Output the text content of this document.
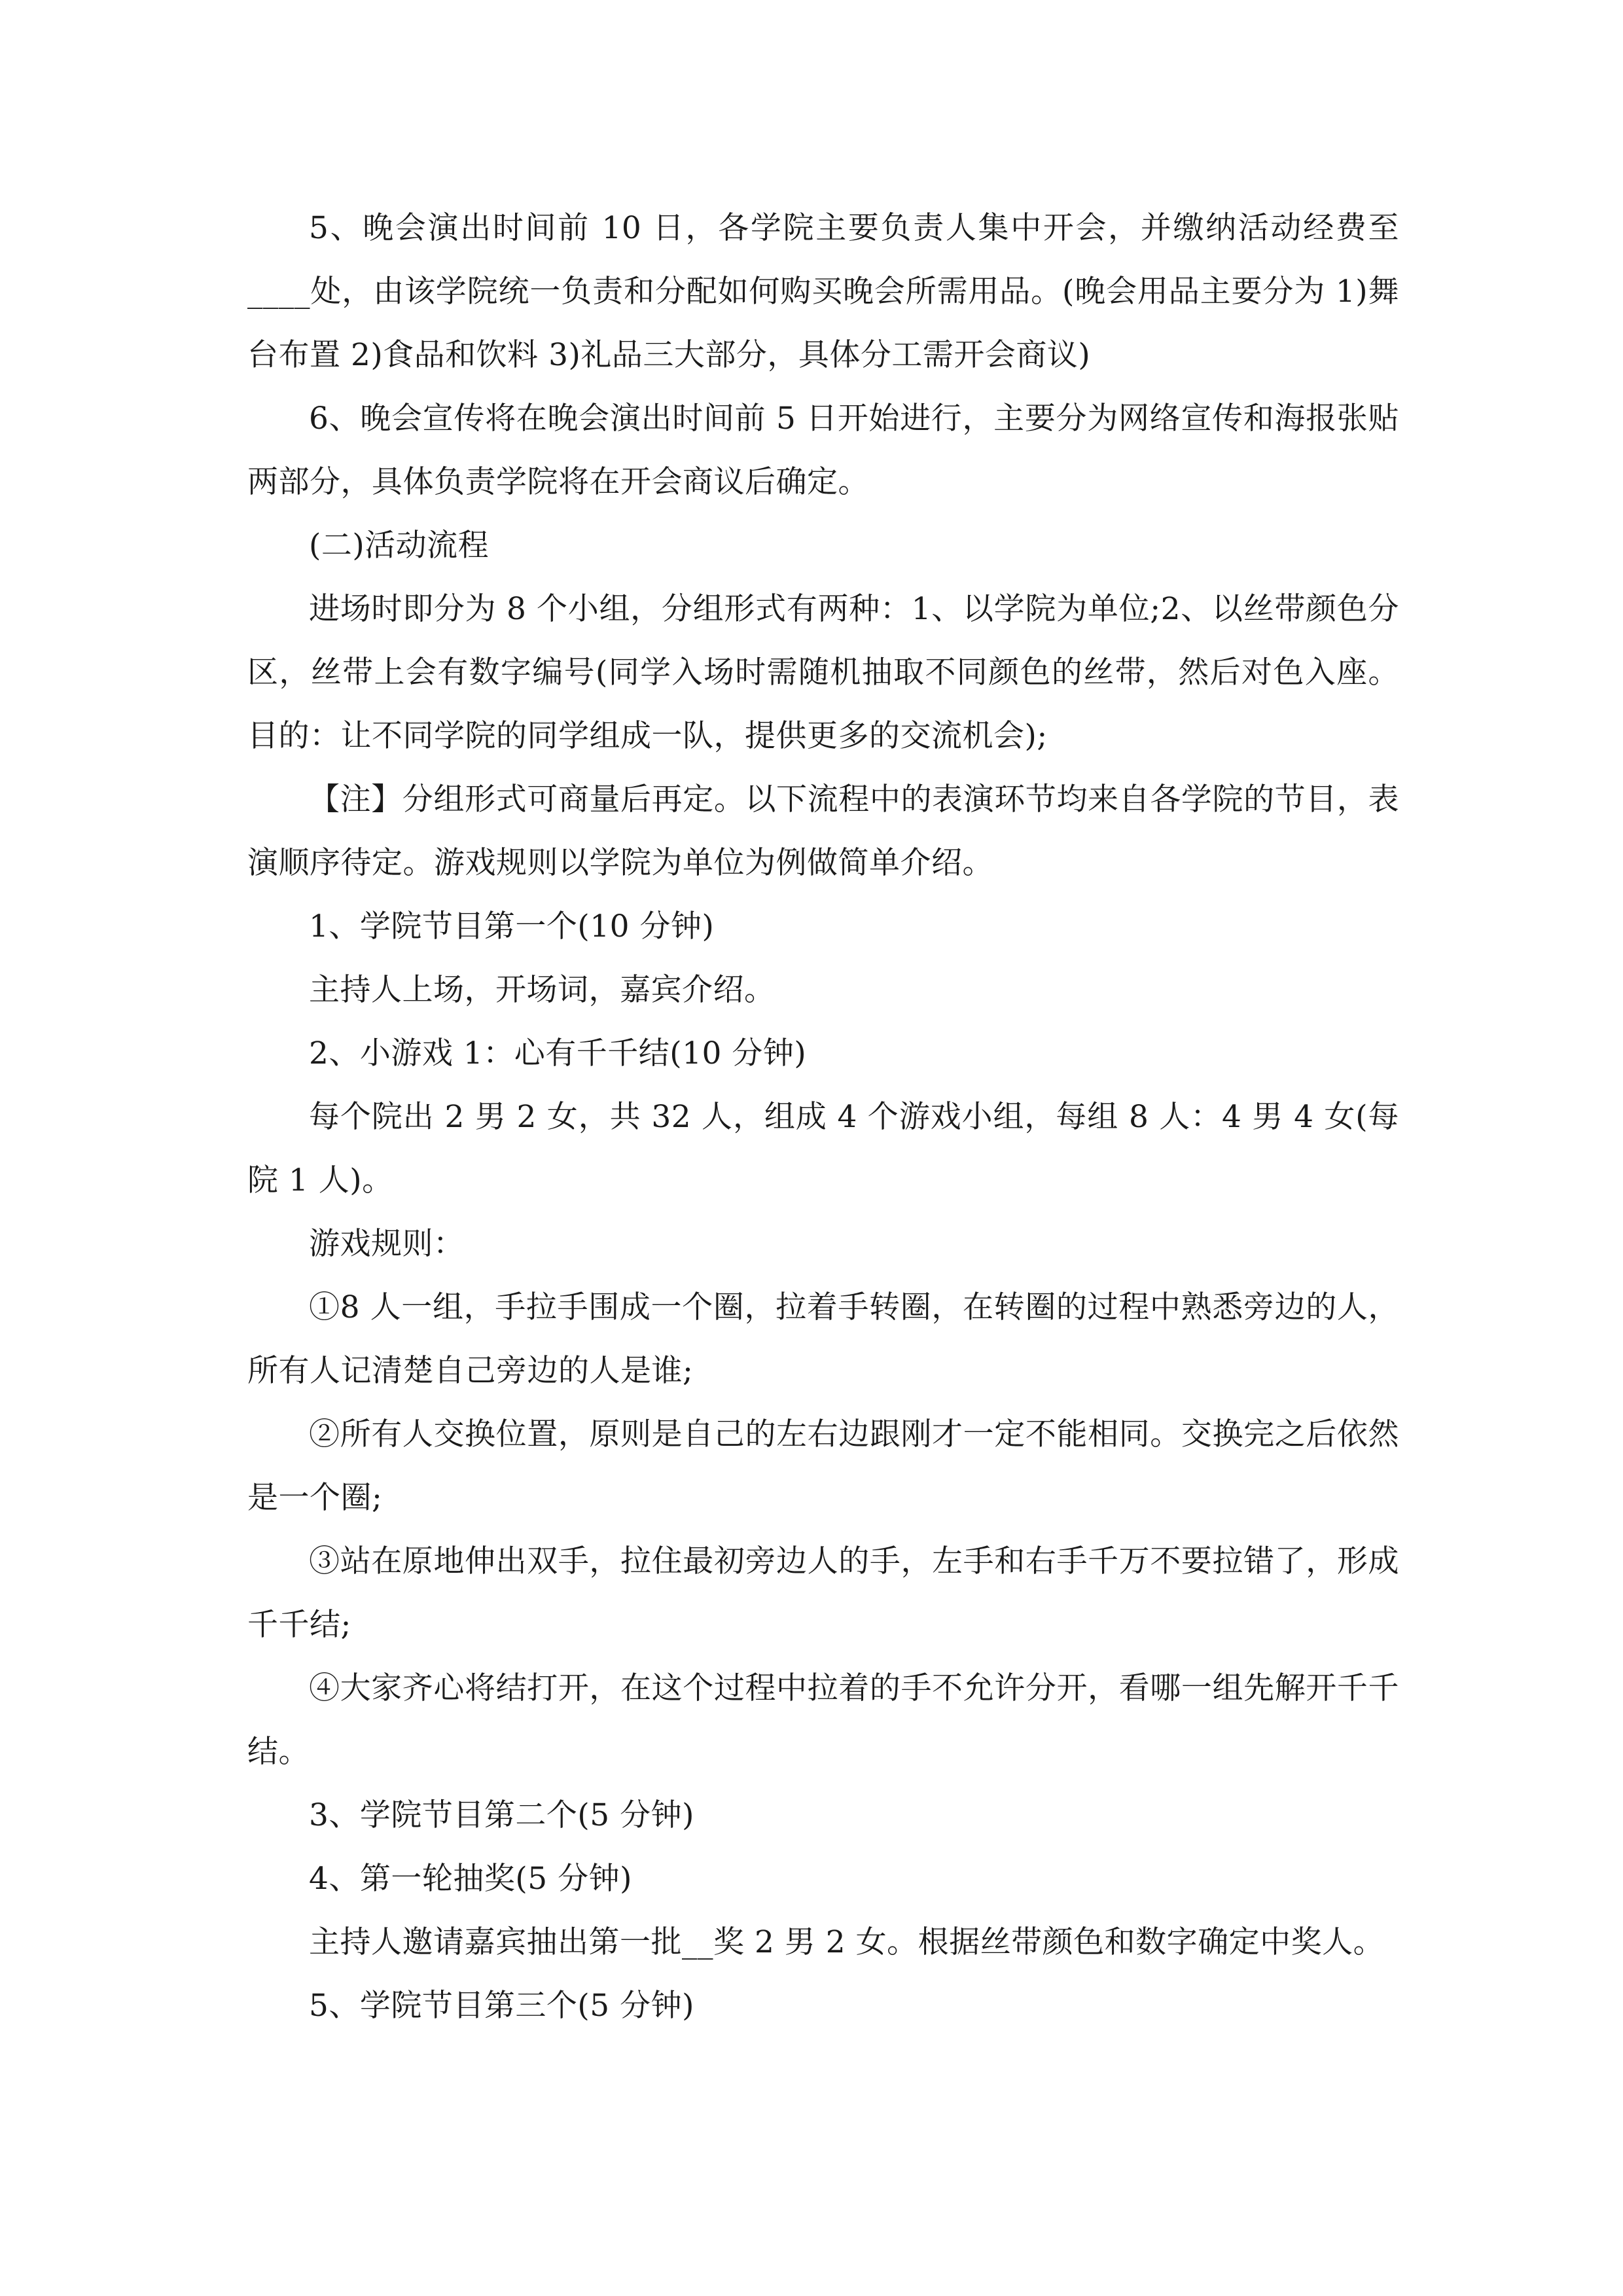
5、晚会演出时间前 10 日，各学院主要负责人集中开会，并缴纳活动经费至____处，由该学院统一负责和分配如何购买晚会所需用品。(晚会用品主要分为 1)舞台布置 2)食品和饮料 3)礼品三大部分，具体分工需开会商议)

6、晚会宣传将在晚会演出时间前 5 日开始进行，主要分为网络宣传和海报张贴两部分，具体负责学院将在开会商议后确定。

(二)活动流程

进场时即分为 8 个小组，分组形式有两种：1、以学院为单位;2、以丝带颜色分区，丝带上会有数字编号(同学入场时需随机抽取不同颜色的丝带，然后对色入座。目的：让不同学院的同学组成一队，提供更多的交流机会);

【注】分组形式可商量后再定。以下流程中的表演环节均来自各学院的节目，表演顺序待定。游戏规则以学院为单位为例做简单介绍。

1、学院节目第一个(10 分钟)

主持人上场，开场词，嘉宾介绍。

2、小游戏 1：心有千千结(10 分钟)

每个院出 2 男 2 女，共 32 人，组成 4 个游戏小组，每组 8 人：4 男 4 女(每院 1 人)。

游戏规则：

①8 人一组，手拉手围成一个圈，拉着手转圈，在转圈的过程中熟悉旁边的人，所有人记清楚自己旁边的人是谁;

②所有人交换位置，原则是自己的左右边跟刚才一定不能相同。交换完之后依然是一个圈;

③站在原地伸出双手，拉住最初旁边人的手，左手和右手千万不要拉错了，形成千千结;

④大家齐心将结打开，在这个过程中拉着的手不允许分开，看哪一组先解开千千结。

3、学院节目第二个(5 分钟)

4、第一轮抽奖(5 分钟)

主持人邀请嘉宾抽出第一批__奖 2 男 2 女。根据丝带颜色和数字确定中奖人。

5、学院节目第三个(5 分钟)
